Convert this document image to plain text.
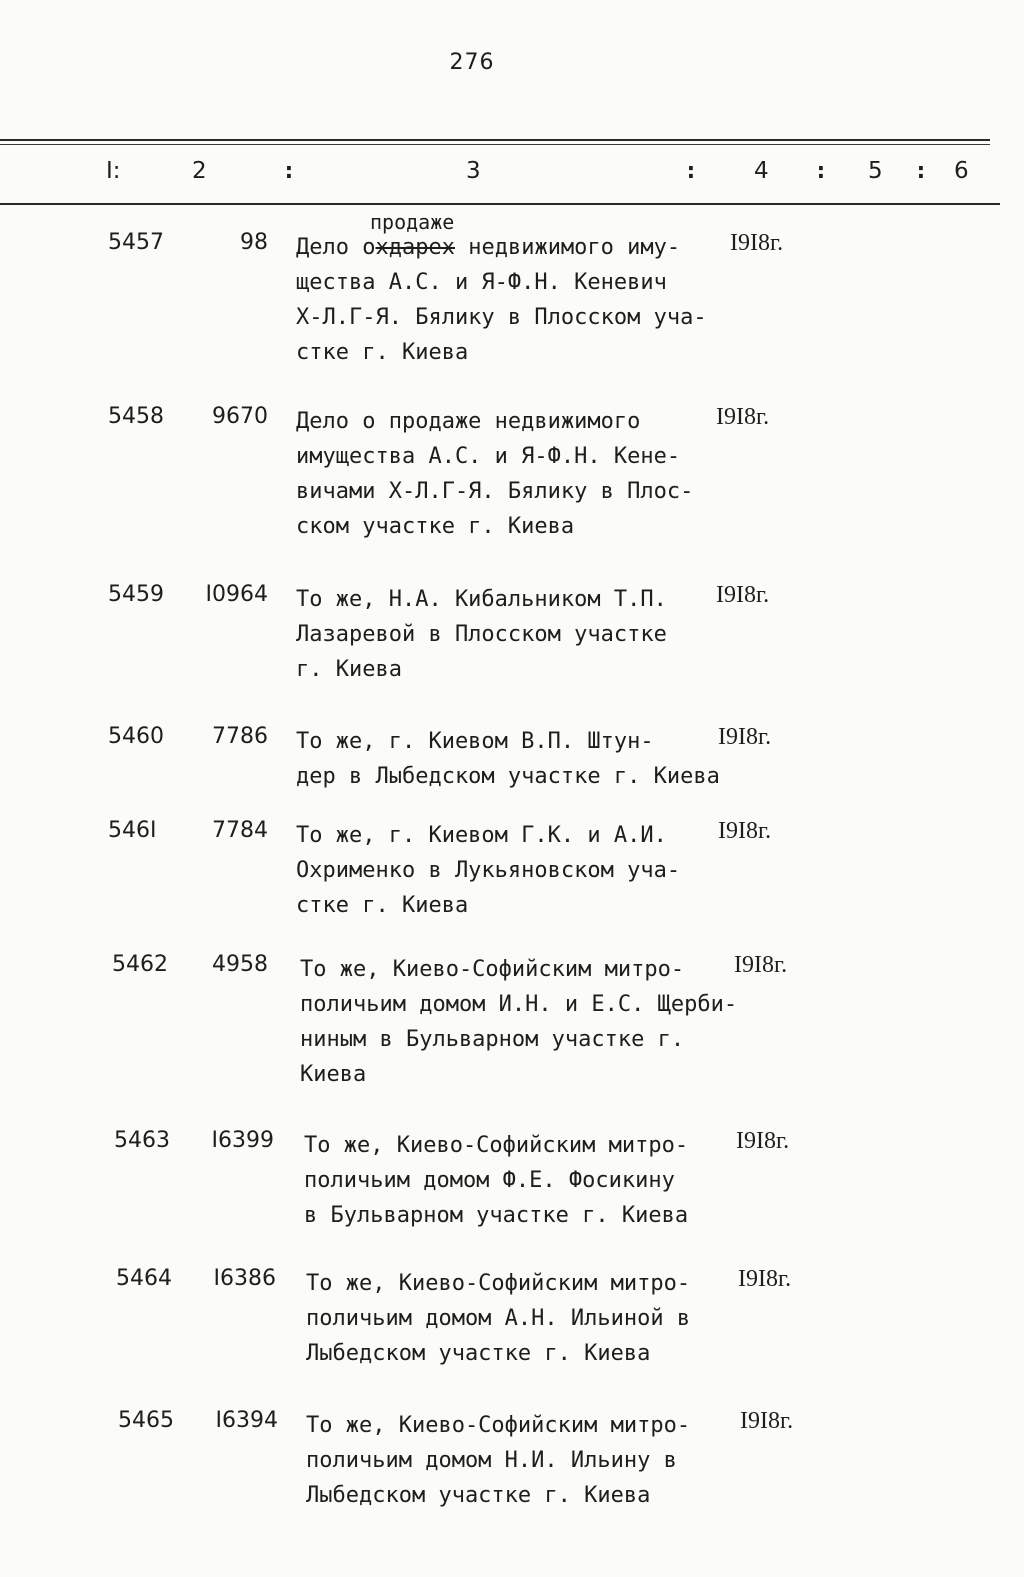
276
I:	2	:	3	: 4 : 5 : 6
продаже
5457	98 Дело охдарех недвижимого иму-
щества А.С. и Я-Ф.Н. Кеневич
Х-Л.Г-Я. Бялику в Плосском уча-
стке г. Киева
I9I8г.
5458	9670 Дело о продаже недвижимого
имущества А.С. и Я-Ф.Н. Кене-
вичами Х-Л.Г-Я. Бялику в Плос-
ском участке г. Киева
I9I8г.
5459	I0964 То же, Н.А. Кибальником Т.П.
Лазаревой в Плосском участке
г. Киева
I9I8г.
5460	7786 То же, г. Киевом В.П. Штун-
дер в Лыбедском участке г. Киева
I9I8г.
546I	7784 То же, г. Киевом Г.К. и А.И.
Охрименко в Лукьяновском уча-
стке г. Киева
I9I8г.
5462	4958 То же, Киево-Софийским митро-
поличьим домом И.Н. и Е.С. Щерби-
ниным в Бульварном участке г.
Киева
I9I8г.
5463	I6399 То же, Киево-Софийским митро-
поличьим домом Ф.Е. Фосикину
в Бульварном участке г. Киева
I9I8г.
5464	I6386 То же, Киево-Софийским митро-
поличьим домом А.Н. Ильиной в
Лыбедском участке г. Киева
I9I8г.
5465	I6394 То же, Киево-Софийским митро-
поличьим домом Н.И. Ильину в
Лыбедском участке г. Киева
I9I8г.
